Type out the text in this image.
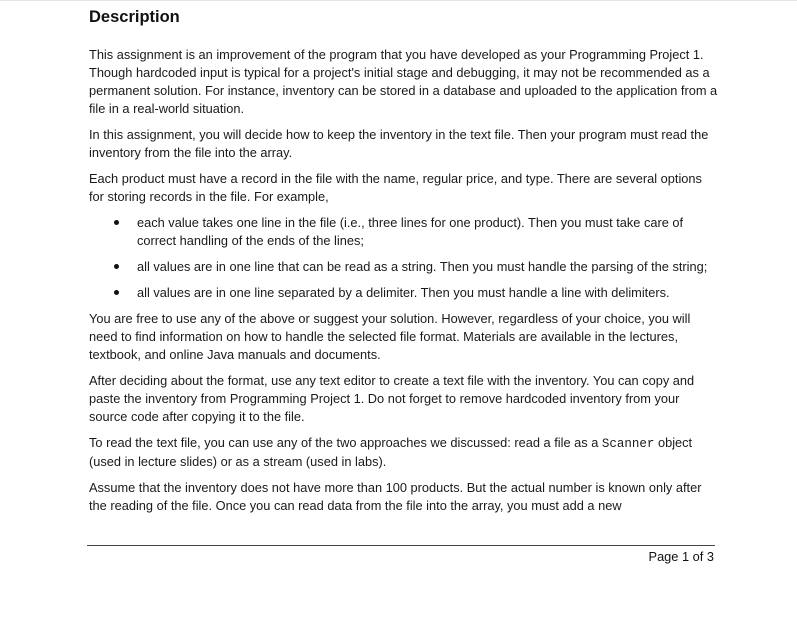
Description

This assignment is an improvement of the program that you have developed as your Programming Project 1. Though hardcoded input is typical for a project's initial stage and debugging, it may not be recommended as a permanent solution. For instance, inventory can be stored in a database and uploaded to the application from a file in a real-world situation.

In this assignment, you will decide how to keep the inventory in the text file. Then your program must read the inventory from the file into the array.

Each product must have a record in the file with the name, regular price, and type. There are several options for storing records in the file. For example,

each value takes one line in the file (i.e., three lines for one product). Then you must take care of correct handling of the ends of the lines;
all values are in one line that can be read as a string. Then you must handle the parsing of the string;
all values are in one line separated by a delimiter. Then you must handle a line with delimiters.

You are free to use any of the above or suggest your solution. However, regardless of your choice, you will need to find information on how to handle the selected file format. Materials are available in the lectures, textbook, and online Java manuals and documents.

After deciding about the format, use any text editor to create a text file with the inventory. You can copy and paste the inventory from Programming Project 1. Do not forget to remove hardcoded inventory from your source code after copying it to the file.

To read the text file, you can use any of the two approaches we discussed: read a file as a Scanner object (used in lecture slides) or as a stream (used in labs).

Assume that the inventory does not have more than 100 products. But the actual number is known only after the reading of the file. Once you can read data from the file into the array, you must add a new

Page 1 of 3
